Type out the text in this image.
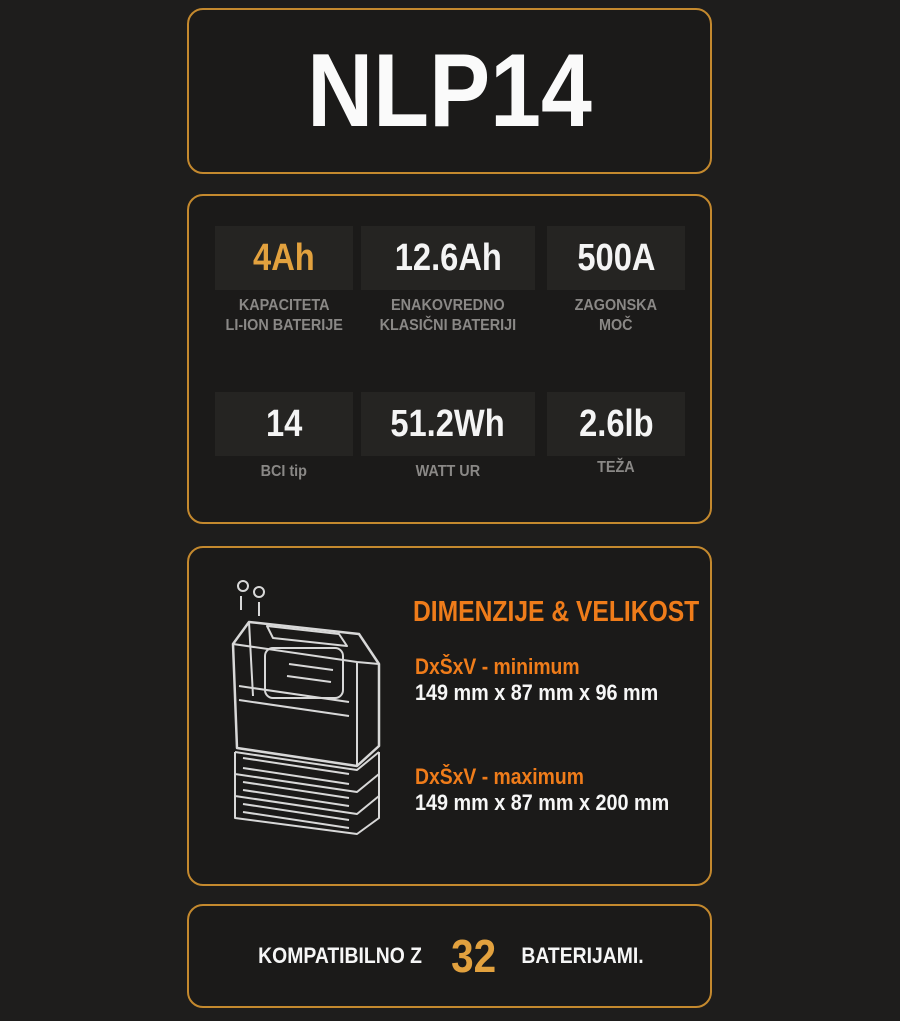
NLP14
4Ah
KAPACITETA
LI-ION BATERIJE
12.6Ah
ENAKOVREDNO
KLASIČNI BATERIJI
500A
ZAGONSKA
MOČ
14
BCI tip
51.2Wh
WATT UR
2.6lb
TEŽA
DIMENZIJE & VELIKOST
DxŠxV - minimum
149 mm x 87 mm x 96 mm
DxŠxV - maximum
149 mm x 87 mm x 200 mm
KOMPATIBILNO Z 32 BATERIJAMI.
